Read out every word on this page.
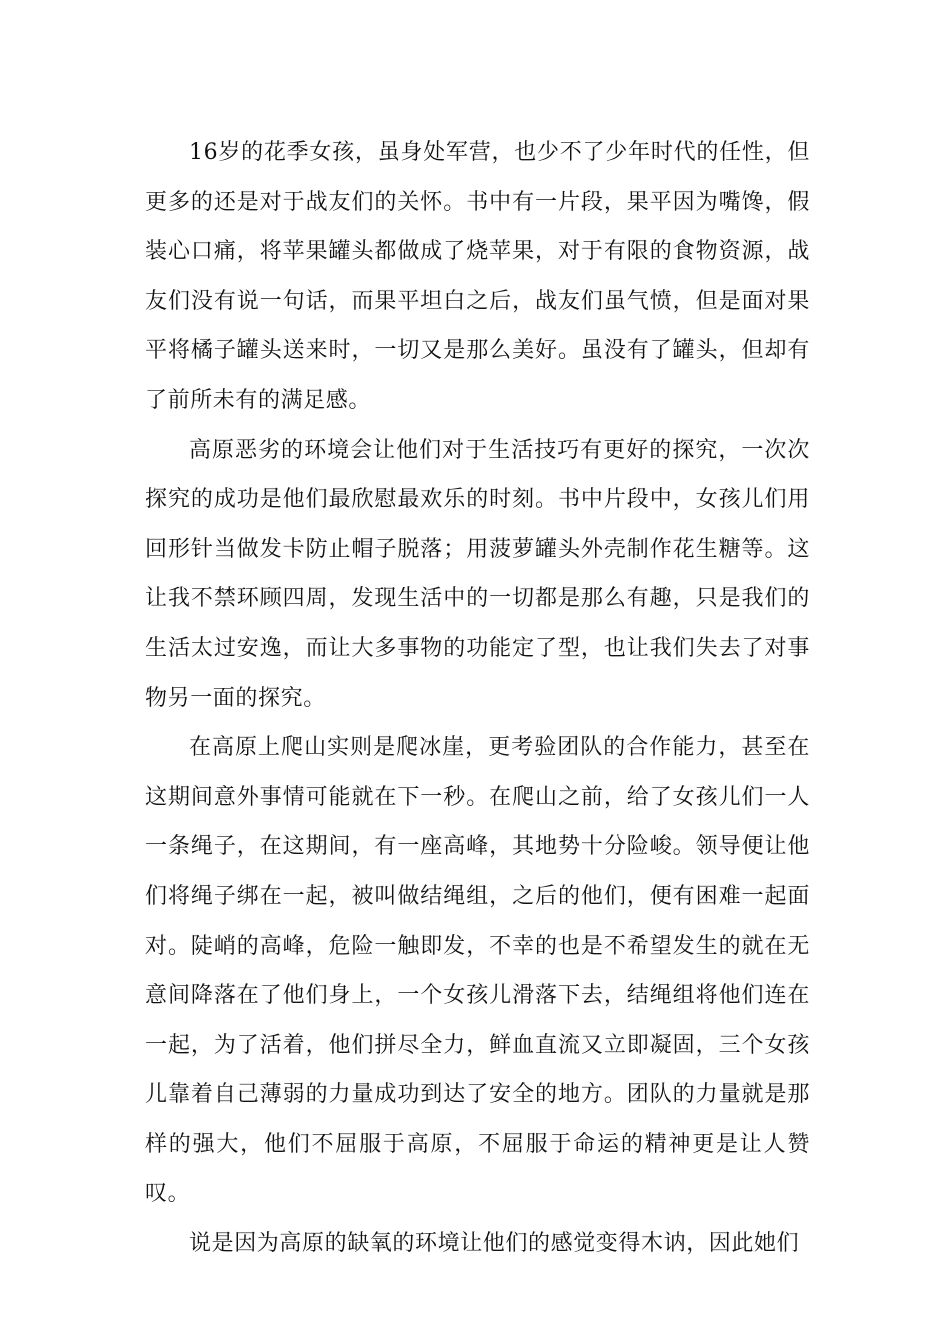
16岁的花季女孩，虽身处军营，也少不了少年时代的任性，但更多的还是对于战友们的关怀。书中有一片段，果平因为嘴馋，假装心口痛，将苹果罐头都做成了烧苹果，对于有限的食物资源，战友们没有说一句话，而果平坦白之后，战友们虽气愤，但是面对果平将橘子罐头送来时，一切又是那么美好。虽没有了罐头，但却有了前所未有的满足感。

高原恶劣的环境会让他们对于生活技巧有更好的探究，一次次探究的成功是他们最欣慰最欢乐的时刻。书中片段中，女孩儿们用回形针当做发卡防止帽子脱落；用菠萝罐头外壳制作花生糖等。这让我不禁环顾四周，发现生活中的一切都是那么有趣，只是我们的生活太过安逸，而让大多事物的功能定了型，也让我们失去了对事物另一面的探究。

在高原上爬山实则是爬冰崖，更考验团队的合作能力，甚至在这期间意外事情可能就在下一秒。在爬山之前，给了女孩儿们一人一条绳子，在这期间，有一座高峰，其地势十分险峻。领导便让他们将绳子绑在一起，被叫做结绳组，之后的他们，便有困难一起面对。陡峭的高峰，危险一触即发，不幸的也是不希望发生的就在无意间降落在了他们身上，一个女孩儿滑落下去，结绳组将他们连在一起，为了活着，他们拼尽全力，鲜血直流又立即凝固，三个女孩儿靠着自己薄弱的力量成功到达了安全的地方。团队的力量就是那样的强大，他们不屈服于高原，不屈服于命运的精神更是让人赞叹。

说是因为高原的缺氧的环境让他们的感觉变得木讷，因此她们
